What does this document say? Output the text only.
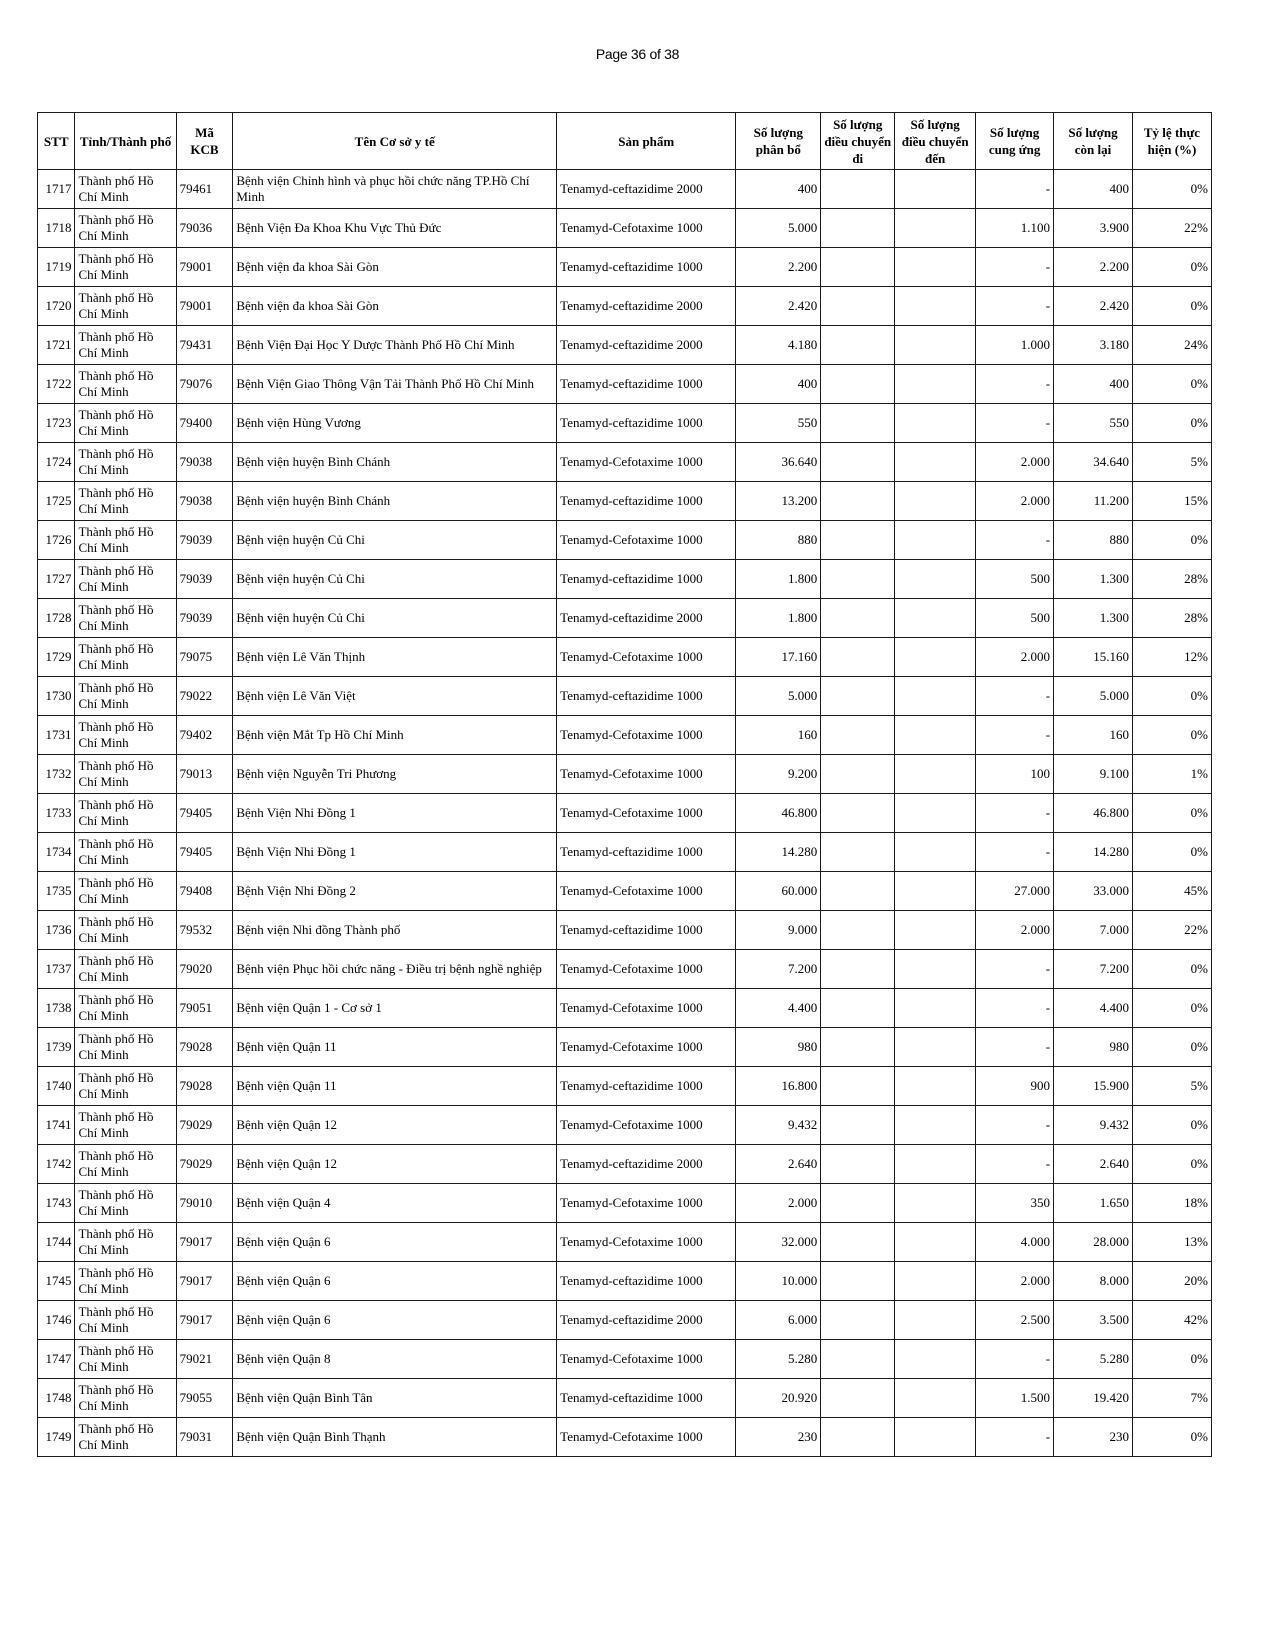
Page 36 of 38
STT	Tỉnh/Thành phố	Mã KCB	Tên Cơ sở y tế	Sản phẩm	Số lượng phân bổ	Số lượng điều chuyển đi	Số lượng điều chuyển đến	Số lượng cung ứng	Số lượng còn lại	Tỷ lệ thực hiện (%)
1717	Thành phố Hồ Chí Minh	79461	Bệnh viện Chỉnh hình và phục hồi chức năng TP.Hồ Chí Minh	Tenamyd-ceftazidime 2000	400			-	400	0%
1718	Thành phố Hồ Chí Minh	79036	Bệnh Viện Đa Khoa Khu Vực Thủ Đức	Tenamyd-Cefotaxime 1000	5.000			1.100	3.900	22%
1719	Thành phố Hồ Chí Minh	79001	Bệnh viện đa khoa Sài Gòn	Tenamyd-ceftazidime 1000	2.200			-	2.200	0%
1720	Thành phố Hồ Chí Minh	79001	Bệnh viện đa khoa Sài Gòn	Tenamyd-ceftazidime 2000	2.420			-	2.420	0%
1721	Thành phố Hồ Chí Minh	79431	Bệnh Viện Đại Học Y Dược Thành Phố Hồ Chí Minh	Tenamyd-ceftazidime 2000	4.180			1.000	3.180	24%
1722	Thành phố Hồ Chí Minh	79076	Bệnh Viện Giao Thông Vận Tải Thành Phố Hồ Chí Minh	Tenamyd-ceftazidime 1000	400			-	400	0%
1723	Thành phố Hồ Chí Minh	79400	Bệnh viện Hùng Vương	Tenamyd-ceftazidime 1000	550			-	550	0%
1724	Thành phố Hồ Chí Minh	79038	Bệnh viện huyện Bình Chánh	Tenamyd-Cefotaxime 1000	36.640			2.000	34.640	5%
1725	Thành phố Hồ Chí Minh	79038	Bệnh viện huyện Bình Chánh	Tenamyd-ceftazidime 1000	13.200			2.000	11.200	15%
1726	Thành phố Hồ Chí Minh	79039	Bệnh viện huyện Củ Chi	Tenamyd-Cefotaxime 1000	880			-	880	0%
1727	Thành phố Hồ Chí Minh	79039	Bệnh viện huyện Củ Chi	Tenamyd-ceftazidime 1000	1.800			500	1.300	28%
1728	Thành phố Hồ Chí Minh	79039	Bệnh viện huyện Củ Chi	Tenamyd-ceftazidime 2000	1.800			500	1.300	28%
1729	Thành phố Hồ Chí Minh	79075	Bệnh viện Lê Văn Thịnh	Tenamyd-Cefotaxime 1000	17.160			2.000	15.160	12%
1730	Thành phố Hồ Chí Minh	79022	Bệnh viện Lê Văn Việt	Tenamyd-ceftazidime 1000	5.000			-	5.000	0%
1731	Thành phố Hồ Chí Minh	79402	Bệnh viện Mắt Tp Hồ Chí Minh	Tenamyd-Cefotaxime 1000	160			-	160	0%
1732	Thành phố Hồ Chí Minh	79013	Bệnh viện Nguyễn Tri Phương	Tenamyd-Cefotaxime 1000	9.200			100	9.100	1%
1733	Thành phố Hồ Chí Minh	79405	Bệnh Viện Nhi Đồng 1	Tenamyd-Cefotaxime 1000	46.800			-	46.800	0%
1734	Thành phố Hồ Chí Minh	79405	Bệnh Viện Nhi Đồng 1	Tenamyd-ceftazidime 1000	14.280			-	14.280	0%
1735	Thành phố Hồ Chí Minh	79408	Bệnh Viện Nhi Đồng 2	Tenamyd-Cefotaxime 1000	60.000			27.000	33.000	45%
1736	Thành phố Hồ Chí Minh	79532	Bệnh viện Nhi đồng Thành phố	Tenamyd-ceftazidime 1000	9.000			2.000	7.000	22%
1737	Thành phố Hồ Chí Minh	79020	Bệnh viện Phục hồi chức năng - Điều trị bệnh nghề nghiệp	Tenamyd-Cefotaxime 1000	7.200			-	7.200	0%
1738	Thành phố Hồ Chí Minh	79051	Bệnh viện Quận 1 - Cơ sở 1	Tenamyd-Cefotaxime 1000	4.400			-	4.400	0%
1739	Thành phố Hồ Chí Minh	79028	Bệnh viện Quận 11	Tenamyd-Cefotaxime 1000	980			-	980	0%
1740	Thành phố Hồ Chí Minh	79028	Bệnh viện Quận 11	Tenamyd-ceftazidime 1000	16.800			900	15.900	5%
1741	Thành phố Hồ Chí Minh	79029	Bệnh viện Quận 12	Tenamyd-Cefotaxime 1000	9.432			-	9.432	0%
1742	Thành phố Hồ Chí Minh	79029	Bệnh viện Quận 12	Tenamyd-ceftazidime 2000	2.640			-	2.640	0%
1743	Thành phố Hồ Chí Minh	79010	Bệnh viện Quận 4	Tenamyd-Cefotaxime 1000	2.000			350	1.650	18%
1744	Thành phố Hồ Chí Minh	79017	Bệnh viện Quận 6	Tenamyd-Cefotaxime 1000	32.000			4.000	28.000	13%
1745	Thành phố Hồ Chí Minh	79017	Bệnh viện Quận 6	Tenamyd-ceftazidime 1000	10.000			2.000	8.000	20%
1746	Thành phố Hồ Chí Minh	79017	Bệnh viện Quận 6	Tenamyd-ceftazidime 2000	6.000			2.500	3.500	42%
1747	Thành phố Hồ Chí Minh	79021	Bệnh viện Quận 8	Tenamyd-Cefotaxime 1000	5.280			-	5.280	0%
1748	Thành phố Hồ Chí Minh	79055	Bệnh viện Quận Bình Tân	Tenamyd-ceftazidime 1000	20.920			1.500	19.420	7%
1749	Thành phố Hồ Chí Minh	79031	Bệnh viện Quận Bình Thạnh	Tenamyd-Cefotaxime 1000	230			-	230	0%
